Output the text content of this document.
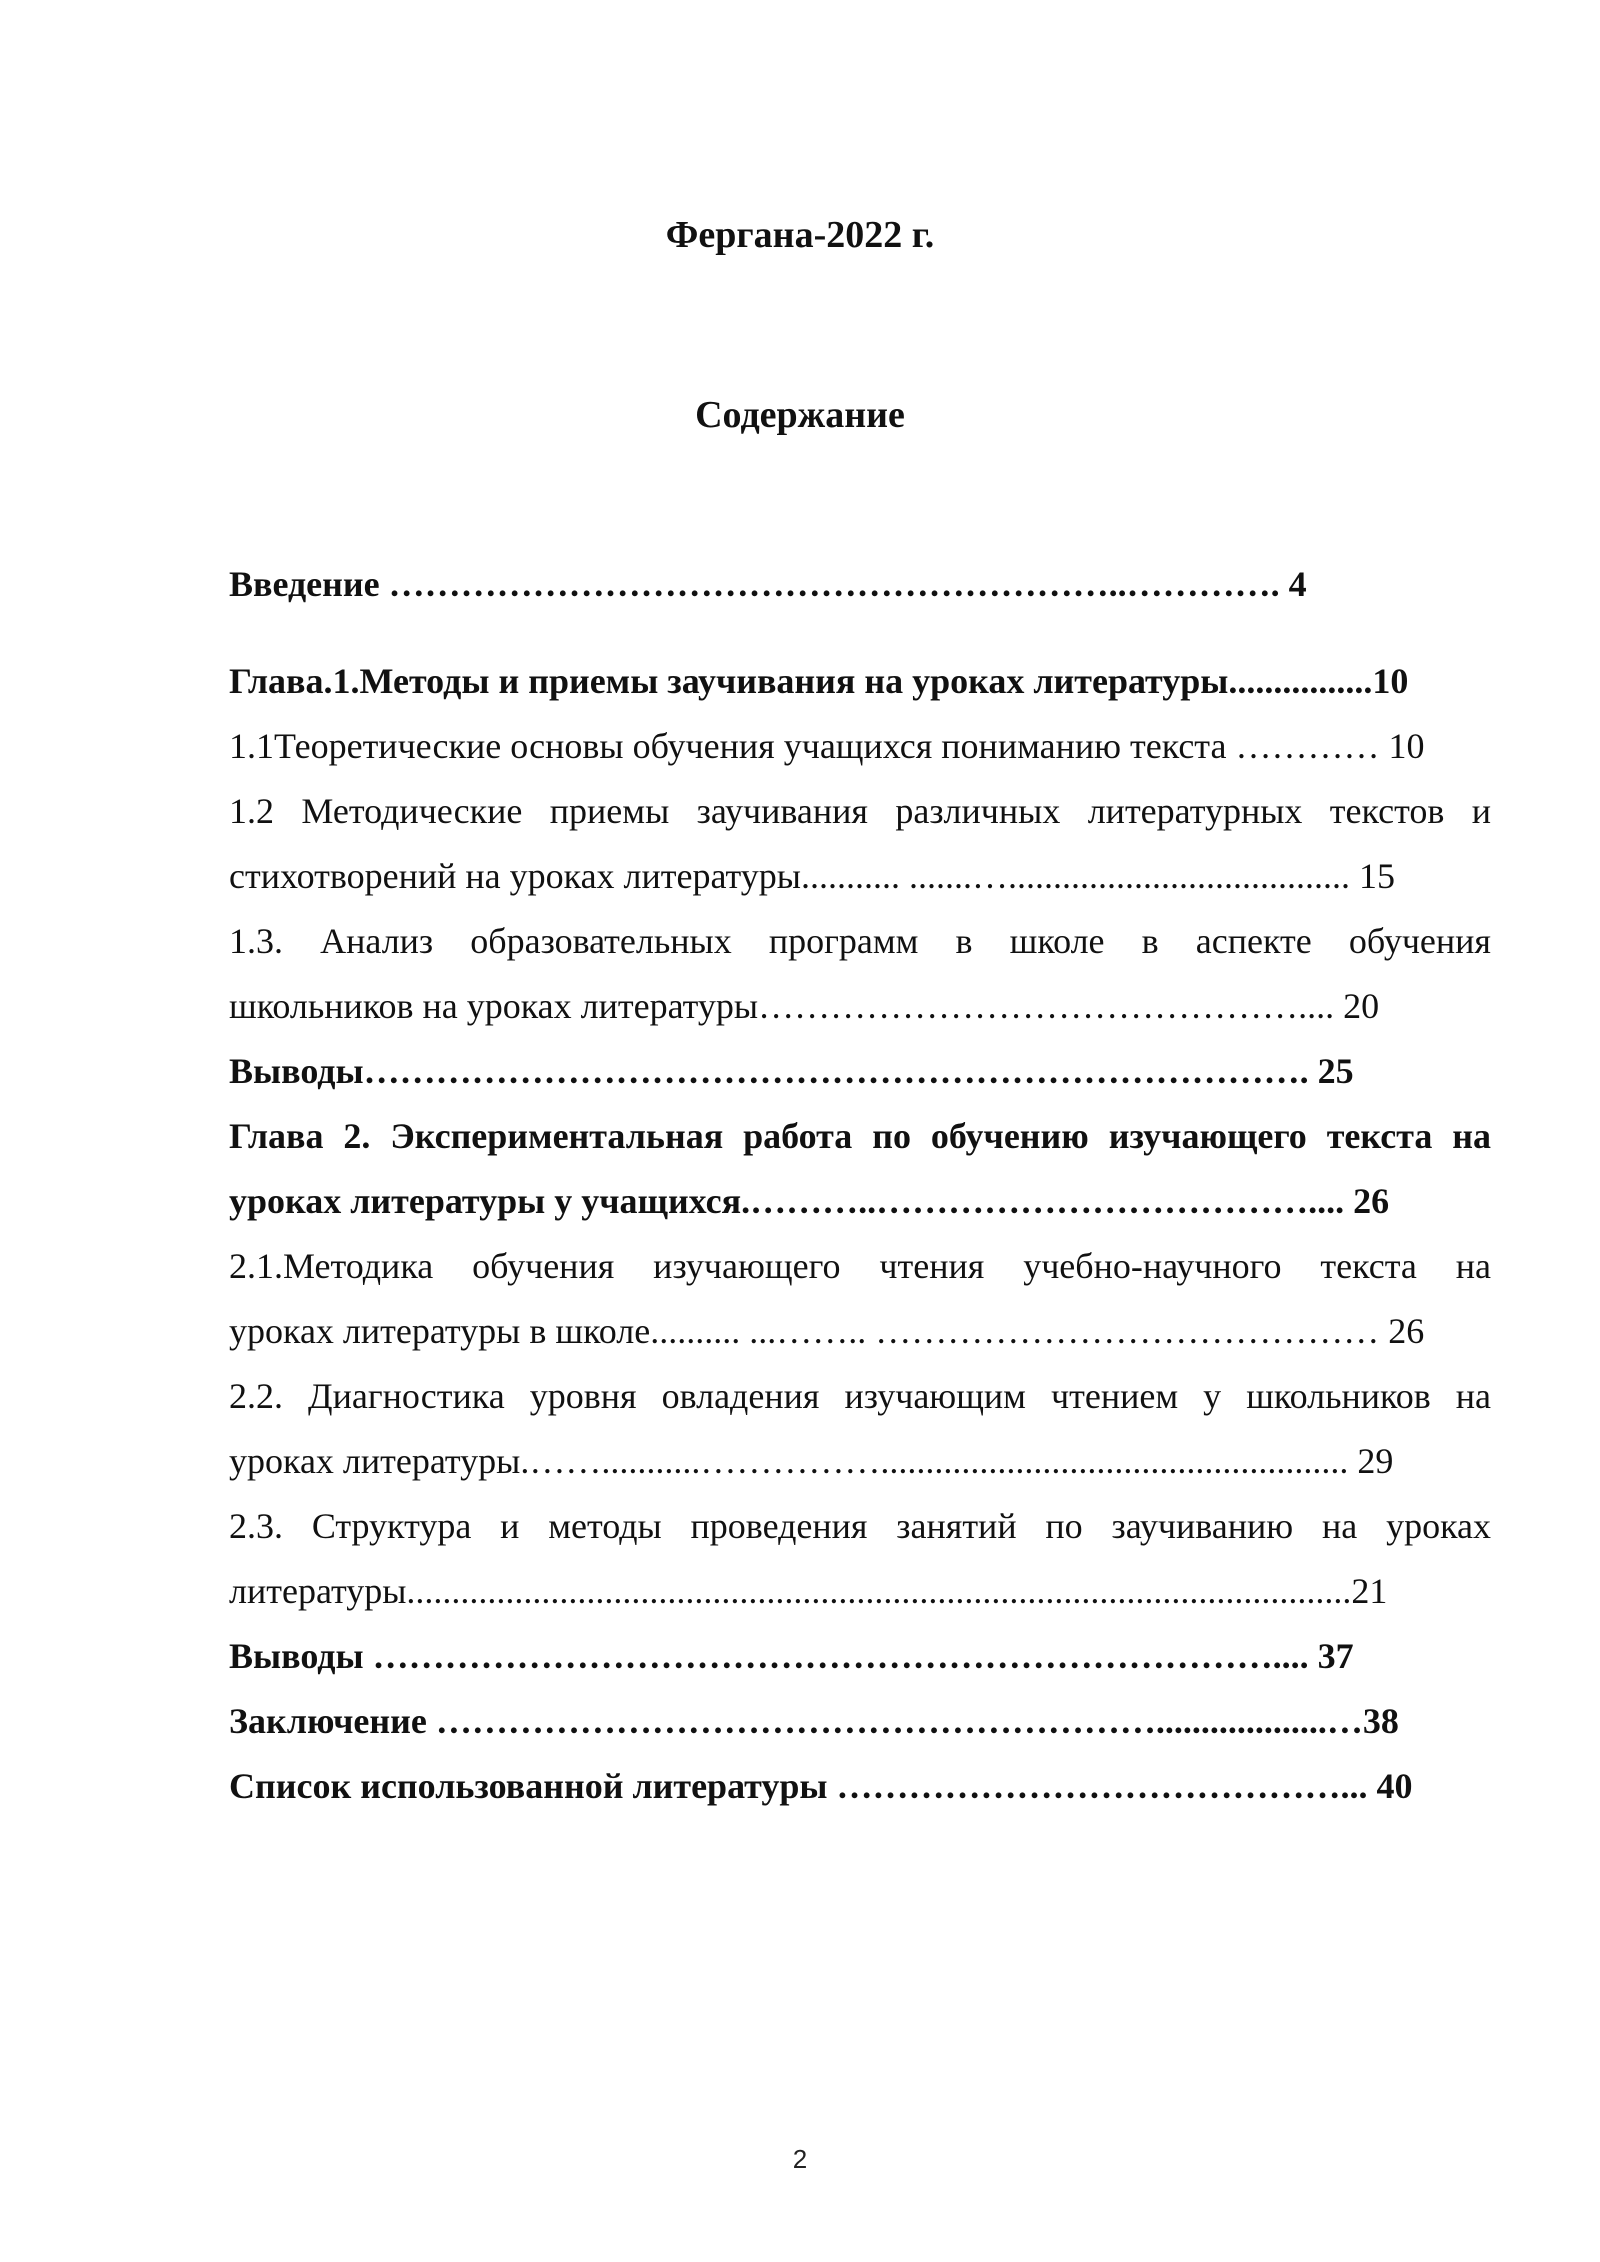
Фергана-2022 г.
Содержание
Введение ……………………………………………………..…………. 4
Глава.1.Методы и приемы заучивания на уроках литературы................10
1.1Теоретические основы обучения учащихся пониманию текста ………… 10
1.2 Методические приемы заучивания различных литературных текстов и
стихотворений на уроках литературы........... .......…...................................... 15
1.3. Анализ образовательных программ в школе в аспекте обучения
школьников на уроках литературы……………………………………….... 20
Выводы……………………………………………………………………. 25
Глава 2. Экспериментальная работа по обучению изучающего текста на
уроках литературы у учащихся.………..……………………………….... 26
2.1.Методика обучения изучающего чтения учебно-научного текста на
уроках литературы в школе.......... ...…….. …………………………………… 26
2.2. Диагностика уровня овладения изучающим чтением у школьников на
уроках литературы.……...........…………….................................................... 29
2.3. Структура и методы проведения занятий по заучиванию на уроках
литературы.........................................................................................................21
Выводы ………………………………………………………………….... 37
Заключение ……………………………………………………...................…38
Список использованной литературы ……………………………………... 40
2
